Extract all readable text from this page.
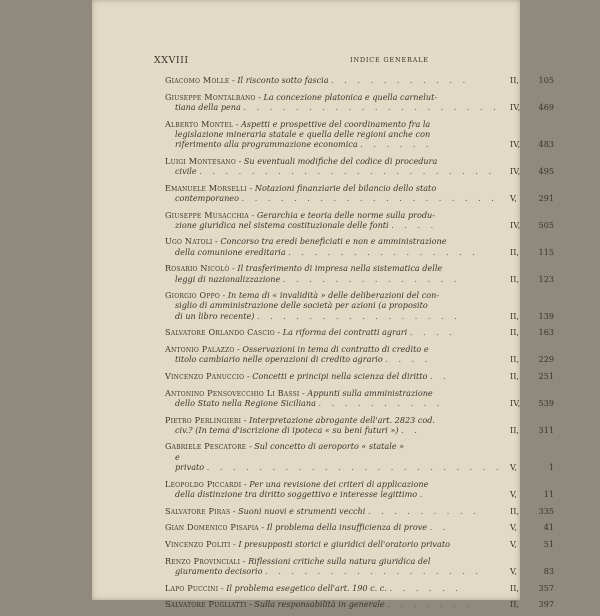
XXVIII	INDICE GENERALE
Giacomo Molle - Il risconto sotto fascia . . . . . . . . . . .	II, 105
Giuseppe Montalbano - La concezione platonica e quella carnelut-
tiana della pena . . . . . . . . . . . . . . . . . . . .	IV, 469
Alberto Montel - Aspetti e prospettive del coordinamento fra la
legislazione mineraria statale e quella delle regioni anche con
riferimento alla programmazione economica . . . . . .	IV, 483
Luigi Montesano - Su eventuali modifiche del codice di procedura
civile . . . . . . . . . . . . . . . . . . . . . . .	IV, 495
Emanuele Morselli - Notazioni finanziarie del bilancio dello stato
contemporaneo . . . . . . . . . . . . . . . . . . . .	V,	291
Giuseppe Musacchia - Gerarchia e teoria delle norme sulla produ-
zione giuridica nel sistema costituzionale delle fonti . . . .	IV, 505
Ugo Natoli - Concorso tra eredi beneficiati e non e amministrazione
della comunione ereditaria . . . . . . . . . . . . . . .	II, 115
Rosario Nicolò - Il trasferimento di impresa nella sistematica delle
leggi di nazionalizzazione . . . . . . . . . . . . . .	II, 123
Giorgio Oppo - In tema di « invalidità » delle deliberazioni del con-
siglio di amministrazione delle società per azioni (a proposito
di un libro recente) . . . . . . . . . . . . . . . .	II, 139
Salvatore Orlando Cascio - La riforma dei contratti agrari . . . .	II, 163
Antonio Palazzo - Osservazioni in tema di contratto di credito e
titolo cambiario nelle operazioni di credito agrario . . . .	II, 229
Vincenzo Panuccio - Concetti e principi nella scienza del diritto . .	II, 251
Antonino Pensovecchio Li Bassi - Appunti sulla amministrazione
dello Stato nella Regione Siciliana . . . . . . . . . .	IV, 539
Pietro Perlingieri - Interpretazione abrogante dell'art. 2823 cod.
civ.? (In tema d'iscrizione di ipoteca « su beni futuri ») . .	II, 311
Gabriele Pescatore - Sul concetto di aeroporto « statale »
e
privato . . . . . . . . . . . . . . . . . . . . . . . V,	1
Leopoldo Piccardi - Per una revisione dei criteri di applicazione
della distinzione tra diritto soggettivo e interesse legittimo .	V,	11
Salvatore Piras - Suoni nuovi e strumenti vecchi . . . . . . . . .	II, 335
Gian Domenico Pisapia - Il problema della insufficienza di prove . .	V,	41
Vincenzo Politi - I presupposti storici e giuridici dell'oratorio privato	V,	51
Renzo Provinciali - Riflessioni critiche sulla natura giuridica del
giuramento decisorio . . . . . . . . . . . . . . . . .	V,	83
Lapo Puccini - Il problema esegetico dell'art. 190 c. c. . . . . . .	II, 357
Salvatore Pugliatti - Sulla responsabilità in generale . . . . . . .	II, 397
